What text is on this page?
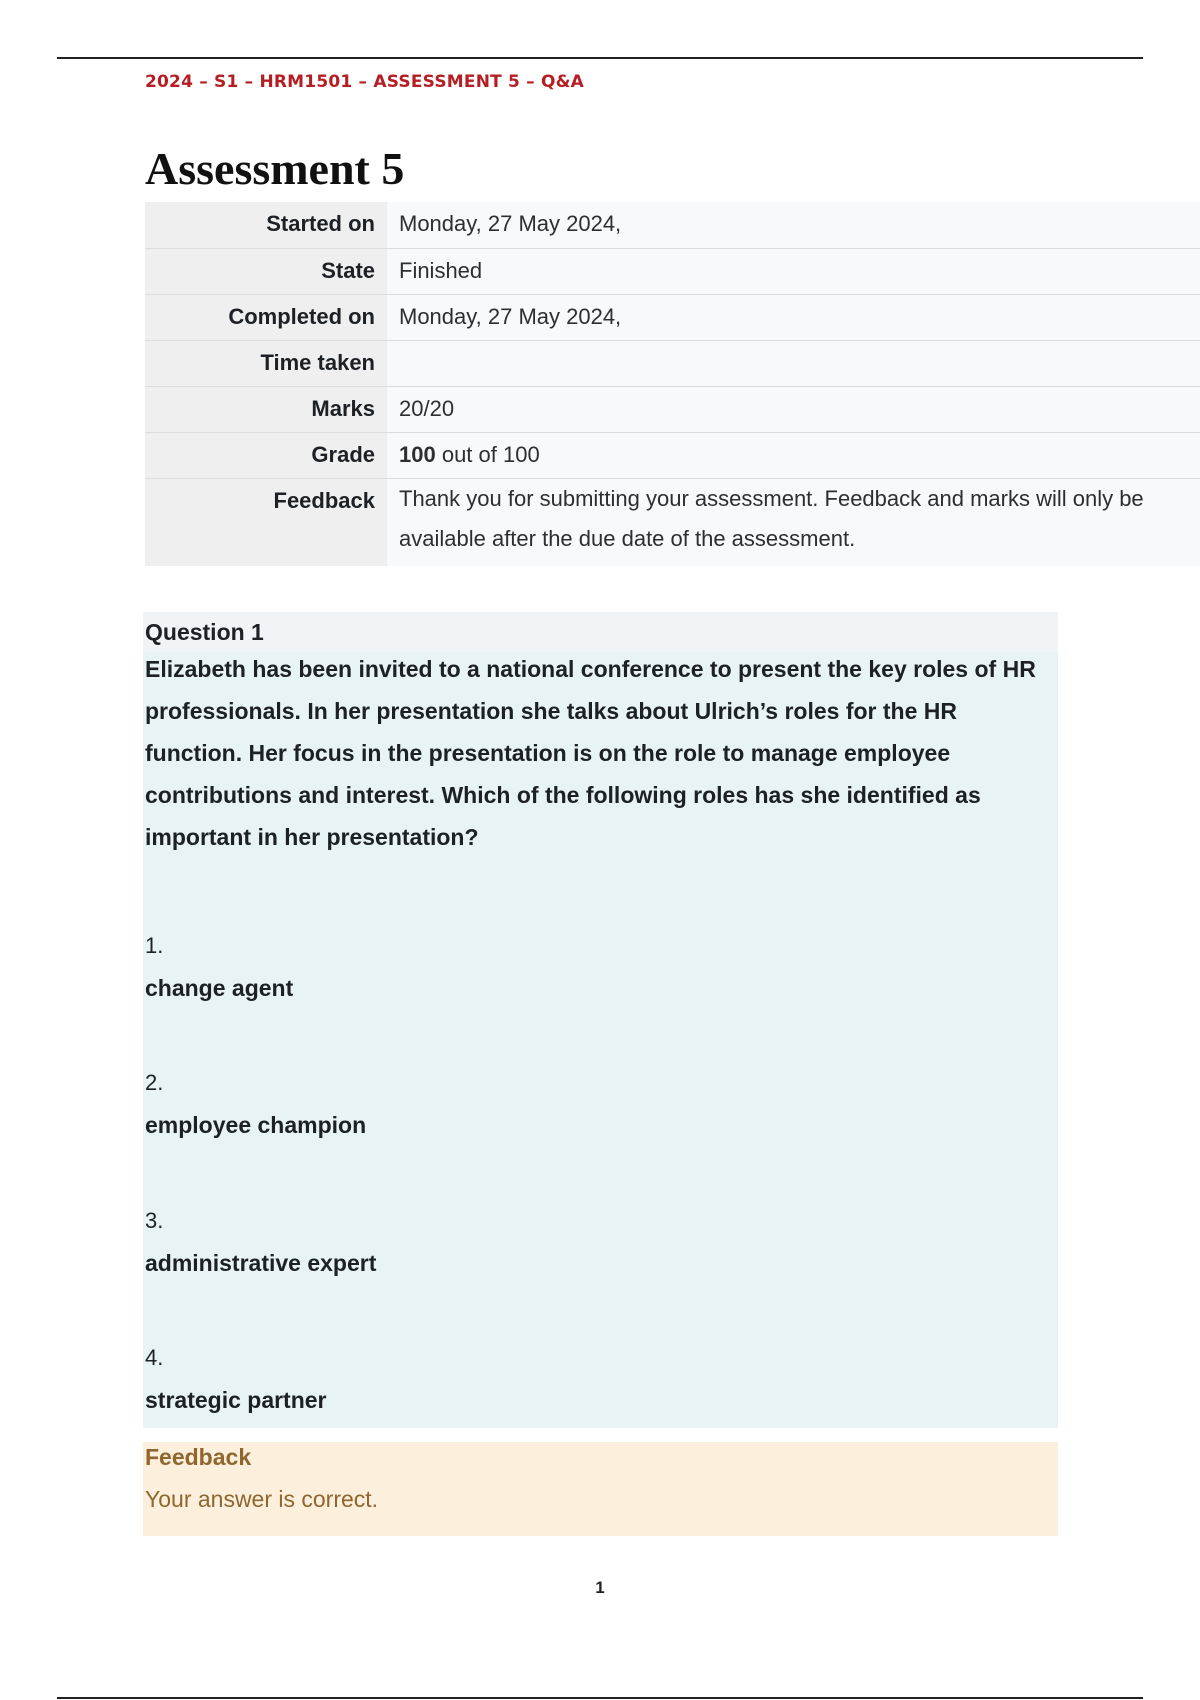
2024 – S1 – HRM1501 – ASSESSMENT 5 – Q&A
Assessment 5
Started on	Monday, 27 May 2024,
State	Finished
Completed on	Monday, 27 May 2024,
Time taken	
Marks	20/20
Grade	100 out of 100
Feedback	Thank you for submitting your assessment. Feedback and marks will only be available after the due date of the assessment.
Question 1
Elizabeth has been invited to a national conference to present the key roles of HR professionals. In her presentation she talks about Ulrich’s roles for the HR function. Her focus in the presentation is on the role to manage employee contributions and interest. Which of the following roles has she identified as important in her presentation?
1.
change agent
2.
employee champion
3.
administrative expert
4.
strategic partner
Feedback
Your answer is correct.
1
